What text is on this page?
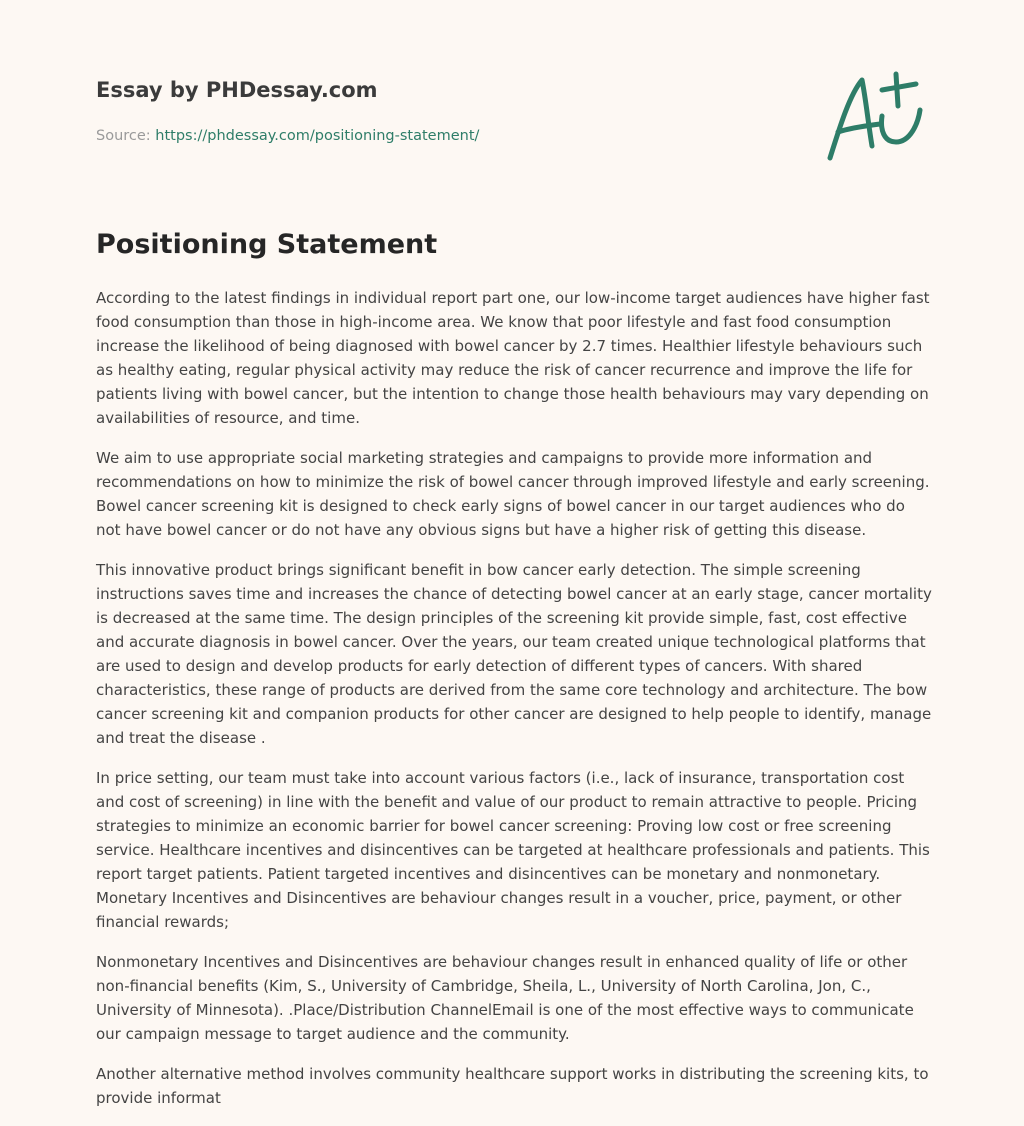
Essay by PHDessay.com
Source: https://phdessay.com/positioning-statement/
Positioning Statement

According to the latest findings in individual report part one, our low-income target audiences have higher fast food consumption than those in high-income area. We know that poor lifestyle and fast food consumption increase the likelihood of being diagnosed with bowel cancer by 2.7 times. Healthier lifestyle behaviours such as healthy eating, regular physical activity may reduce the risk of cancer recurrence and improve the life for patients living with bowel cancer, but the intention to change those health behaviours may vary depending on availabilities of resource, and time.

We aim to use appropriate social marketing strategies and campaigns to provide more information and recommendations on how to minimize the risk of bowel cancer through improved lifestyle and early screening. Bowel cancer screening kit is designed to check early signs of bowel cancer in our target audiences who do not have bowel cancer or do not have any obvious signs but have a higher risk of getting this disease.

This innovative product brings significant benefit in bow cancer early detection. The simple screening instructions saves time and increases the chance of detecting bowel cancer at an early stage, cancer mortality is decreased at the same time. The design principles of the screening kit provide simple, fast, cost effective and accurate diagnosis in bowel cancer. Over the years, our team created unique technological platforms that are used to design and develop products for early detection of different types of cancers. With shared characteristics, these range of products are derived from the same core technology and architecture. The bow cancer screening kit and companion products for other cancer are designed to help people to identify, manage and treat the disease .

In price setting, our team must take into account various factors (i.e., lack of insurance, transportation cost and cost of screening) in line with the benefit and value of our product to remain attractive to people. Pricing strategies to minimize an economic barrier for bowel cancer screening: Proving low cost or free screening service. Healthcare incentives and disincentives can be targeted at healthcare professionals and patients. This report target patients. Patient targeted incentives and disincentives can be monetary and nonmonetary. Monetary Incentives and Disincentives are behaviour changes result in a voucher, price, payment, or other financial rewards;

Nonmonetary Incentives and Disincentives are behaviour changes result in enhanced quality of life or other non-financial benefits (Kim, S., University of Cambridge, Sheila, L., University of North Carolina, Jon, C., University of Minnesota). .Place/Distribution ChannelEmail is one of the most effective ways to communicate our campaign message to target audience and the community.

Another alternative method involves community healthcare support works in distributing the screening kits, to provide informat
